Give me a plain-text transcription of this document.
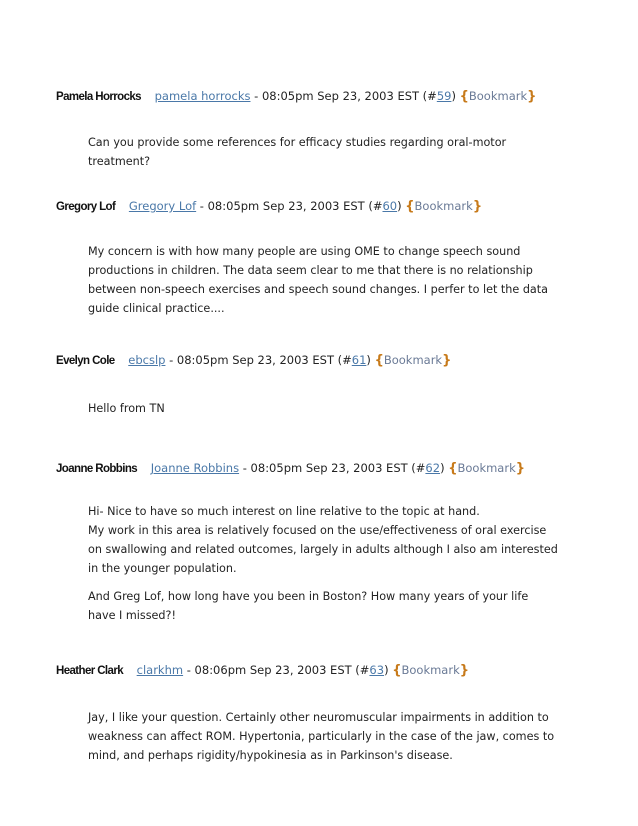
Pamela Horrocks pamela horrocks - 08:05pm Sep 23, 2003 EST (#59) {Bookmark}

Can you provide some references for efficacy studies regarding oral-motor treatment?

Gregory Lof Gregory Lof - 08:05pm Sep 23, 2003 EST (#60) {Bookmark}

My concern is with how many people are using OME to change speech sound productions in children. The data seem clear to me that there is no relationship between non-speech exercises and speech sound changes. I perfer to let the data guide clinical practice....

Evelyn Cole ebcslp - 08:05pm Sep 23, 2003 EST (#61) {Bookmark}

Hello from TN

Joanne Robbins Joanne Robbins - 08:05pm Sep 23, 2003 EST (#62) {Bookmark}

Hi- Nice to have so much interest on line relative to the topic at hand.

My work in this area is relatively focused on the use/effectiveness of oral exercise on swallowing and related outcomes, largely in adults although I also am interested in the younger population.

And Greg Lof, how long have you been in Boston? How many years of your life have I missed?!

Heather Clark clarkhm - 08:06pm Sep 23, 2003 EST (#63) {Bookmark}

Jay, I like your question. Certainly other neuromuscular impairments in addition to weakness can affect ROM. Hypertonia, particularly in the case of the jaw, comes to mind, and perhaps rigidity/hypokinesia as in Parkinson's disease.
